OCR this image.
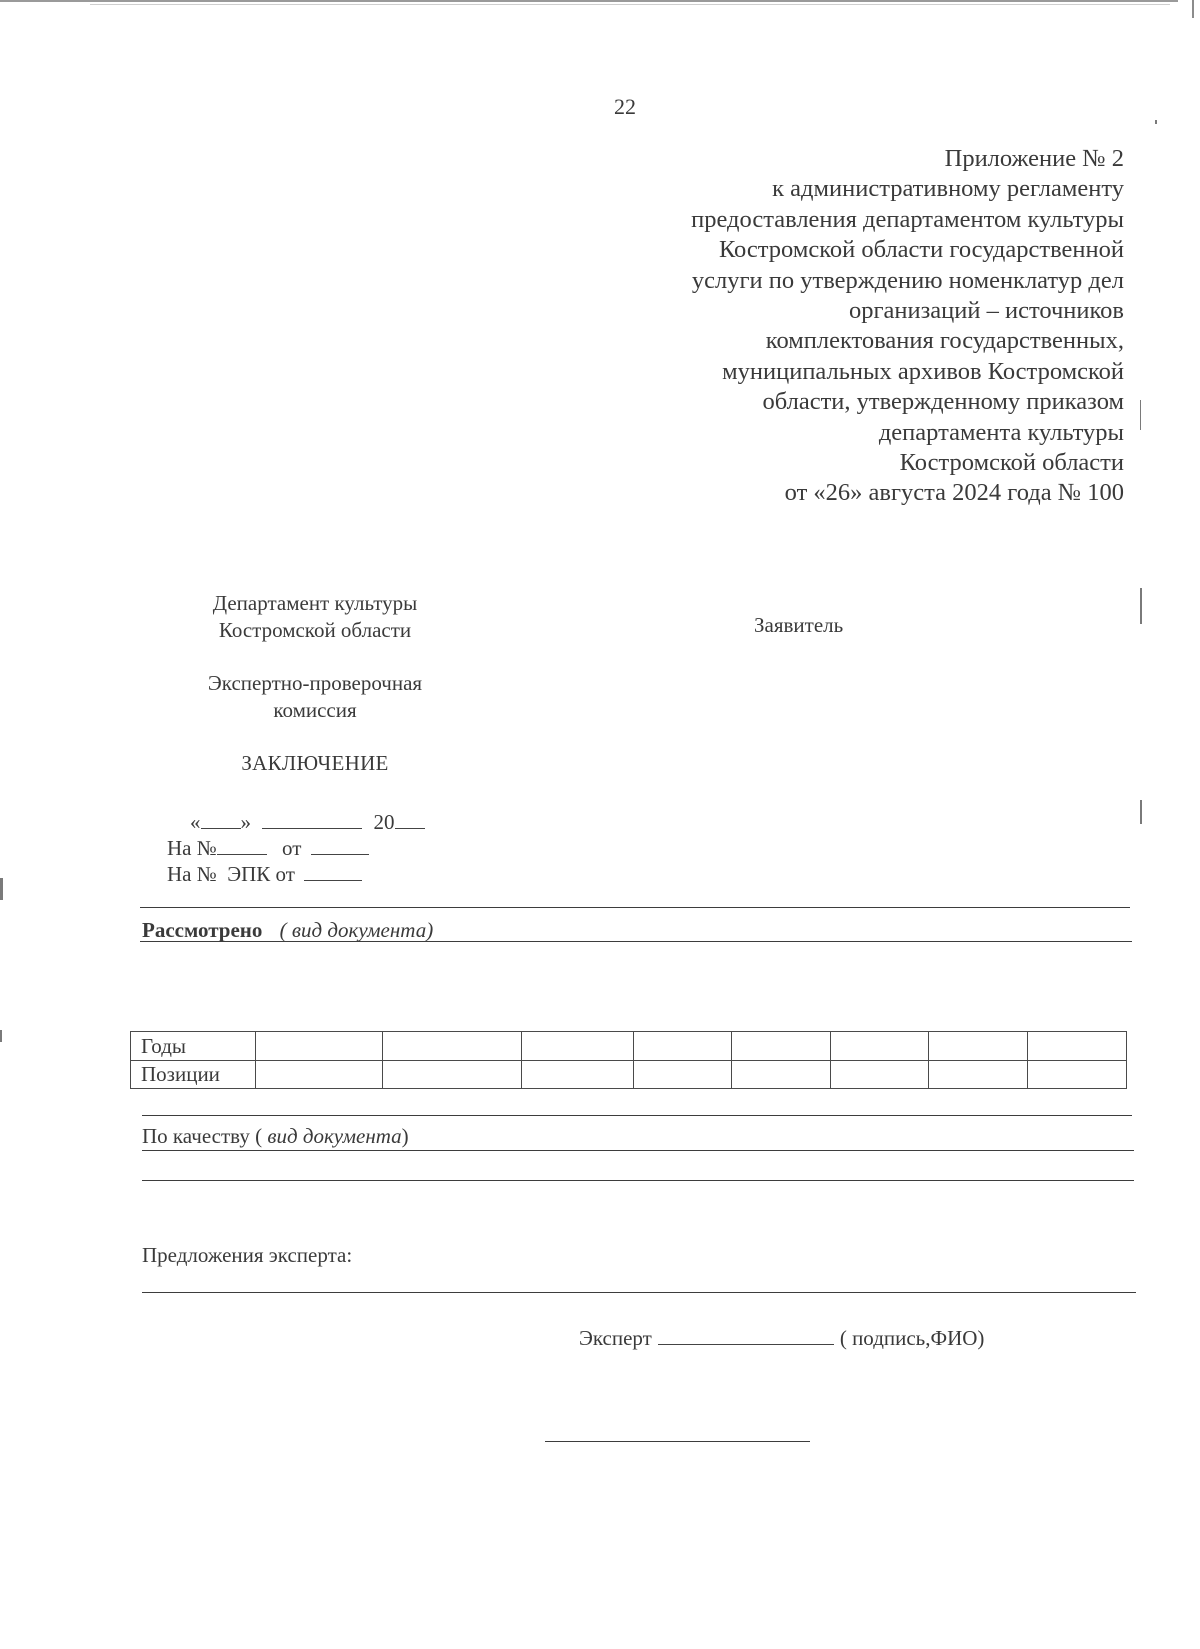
22
Приложение № 2
к административному регламенту
предоставления департаментом культуры
Костромской области государственной
услуги по утверждению номенклатур дел
организаций – источников
комплектования государственных,
муниципальных архивов Костромской
области, утвержденному приказом
департамента культуры
Костромской области
от «26» августа 2024 года № 100
Департамент культуры
Костромской области
Экспертно-проверочная
комиссия
ЗАКЛЮЧЕНИЕ
Заявитель
« »	20
На №	от
На №  ЭПК от
Рассмотрено ( вид документа)
Годы								
Позиции								
По качеству ( вид документа)
Предложения эксперта:
Эксперт	( подпись,ФИО)
